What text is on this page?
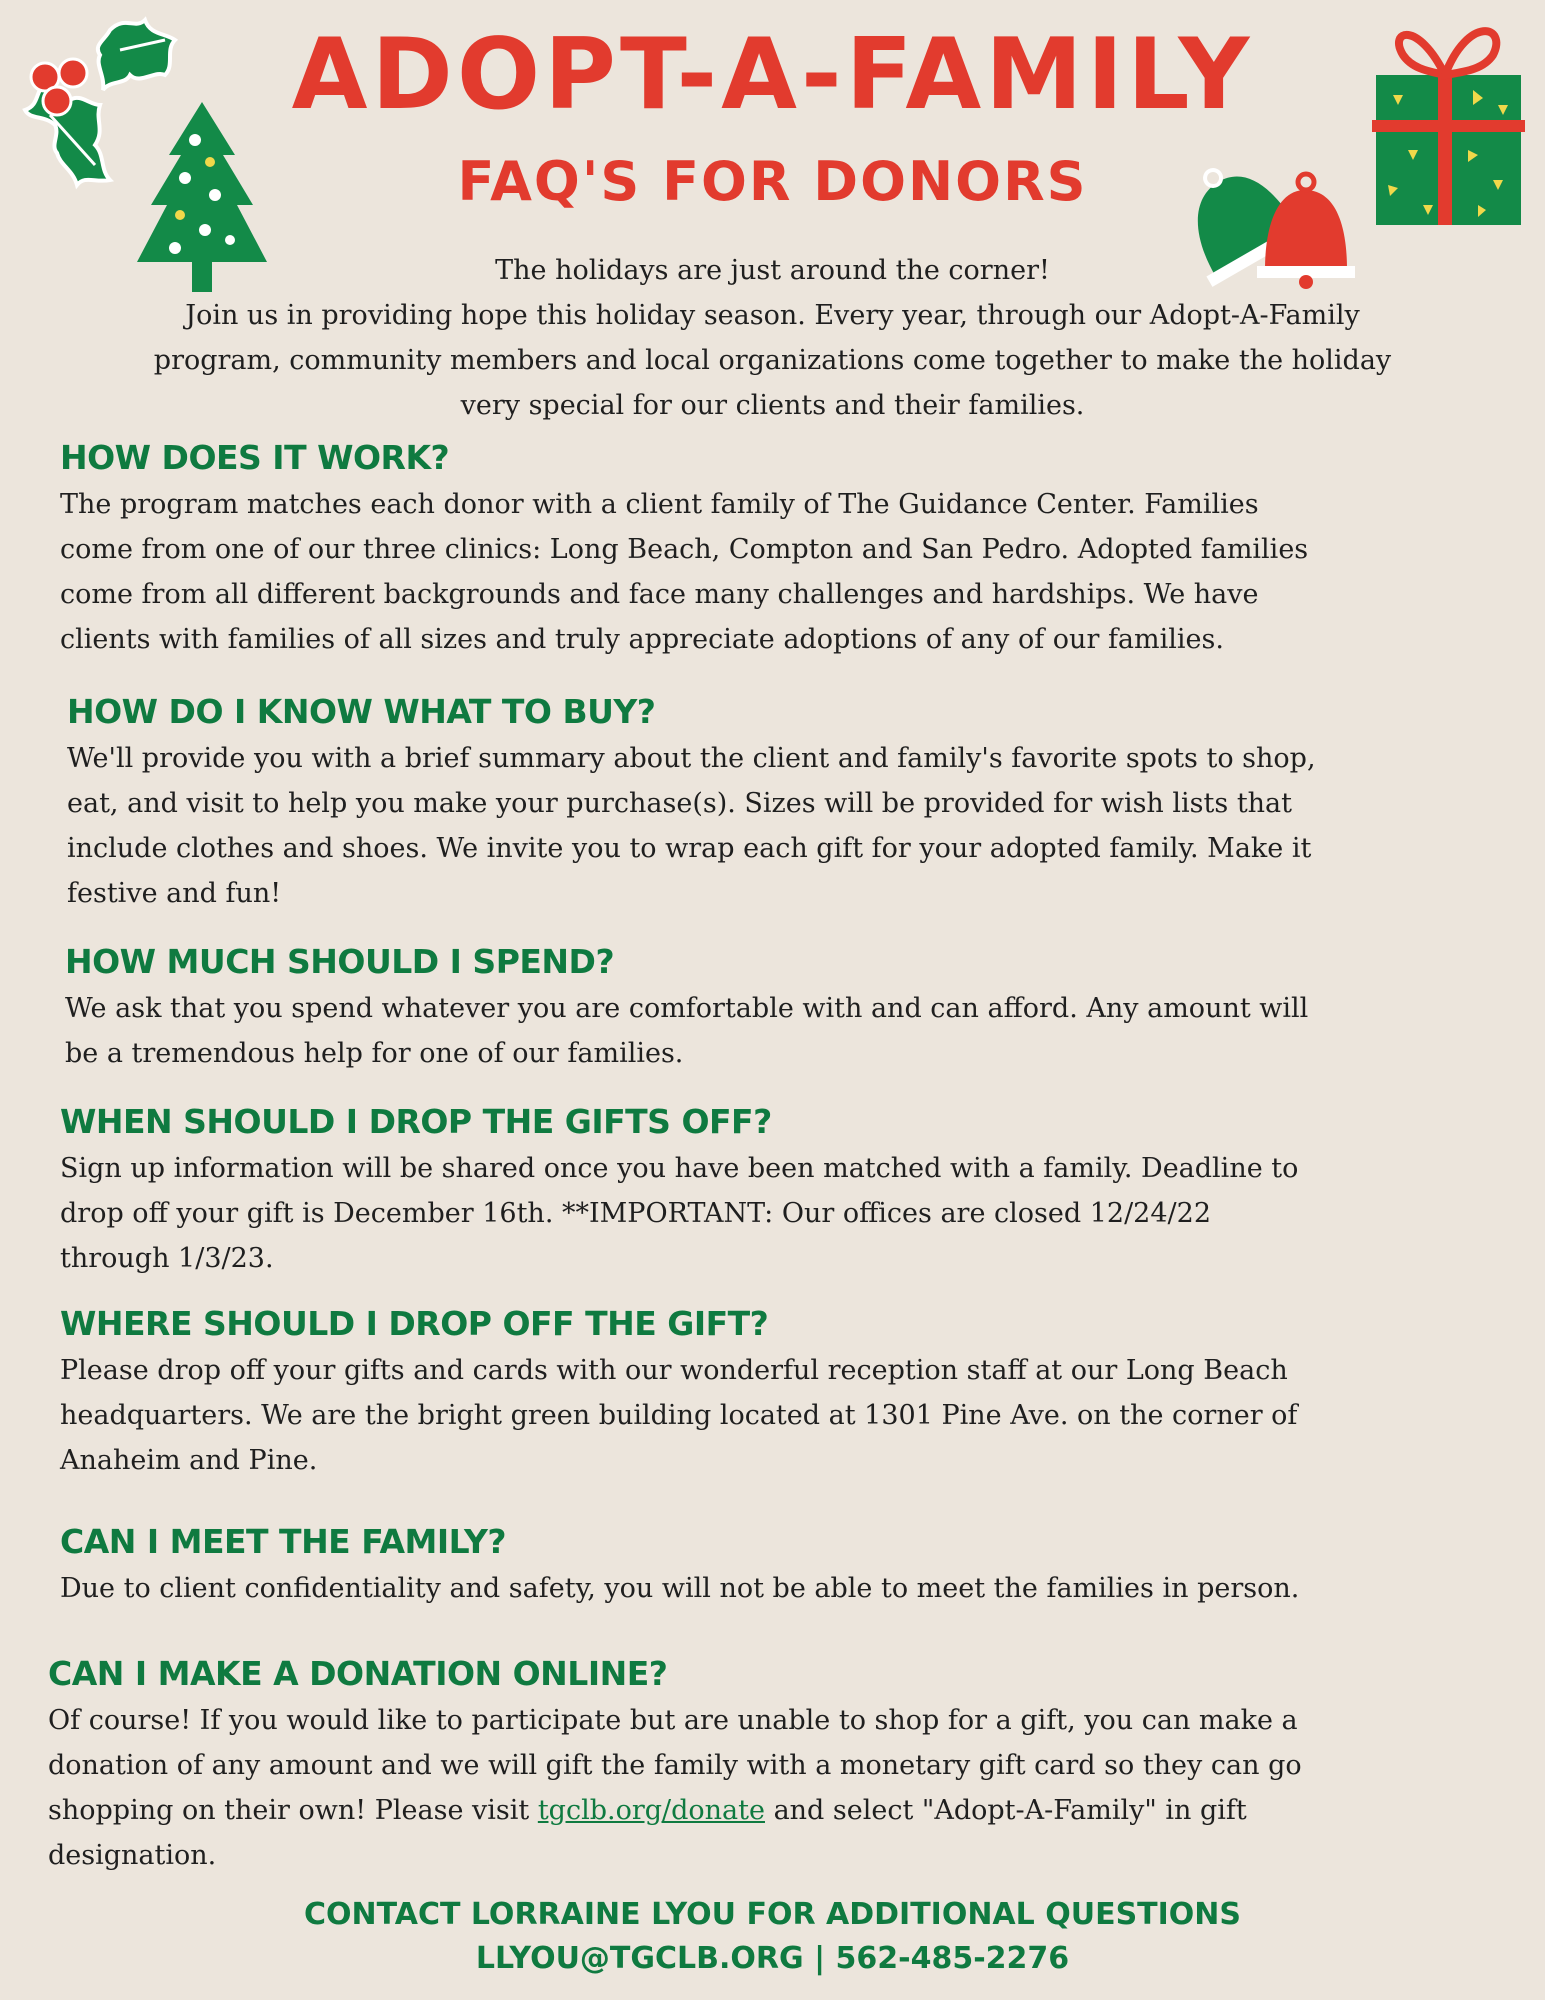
ADOPT-A-FAMILY
FAQ'S FOR DONORS
The holidays are just around the corner!
Join us in providing hope this holiday season. Every year, through our Adopt-A-Family
program, community members and local organizations come together to make the holiday
very special for our clients and their families.
HOW DOES IT WORK?

The program matches each donor with a client family of The Guidance Center. Families
come from one of our three clinics: Long Beach, Compton and San Pedro. Adopted families
come from all different backgrounds and face many challenges and hardships. We have
clients with families of all sizes and truly appreciate adoptions of any of our families.

HOW DO I KNOW WHAT TO BUY?

We'll provide you with a brief summary about the client and family's favorite spots to shop,
eat, and visit to help you make your purchase(s). Sizes will be provided for wish lists that
include clothes and shoes. We invite you to wrap each gift for your adopted family. Make it
festive and fun!

HOW MUCH SHOULD I SPEND?

We ask that you spend whatever you are comfortable with and can afford. Any amount will
be a tremendous help for one of our families.

WHEN SHOULD I DROP THE GIFTS OFF?

Sign up information will be shared once you have been matched with a family. Deadline to
drop off your gift is December 16th. **IMPORTANT: Our offices are closed 12/24/22
through 1/3/23.

WHERE SHOULD I DROP OFF THE GIFT?

Please drop off your gifts and cards with our wonderful reception staff at our Long Beach
headquarters. We are the bright green building located at 1301 Pine Ave. on the corner of
Anaheim and Pine.

CAN I MEET THE FAMILY?

Due to client confidentiality and safety, you will not be able to meet the families in person.

CAN I MAKE A DONATION ONLINE?

Of course! If you would like to participate but are unable to shop for a gift, you can make a
donation of any amount and we will gift the family with a monetary gift card so they can go
shopping on their own! Please visit tgclb.org/donate and select "Adopt-A-Family" in gift
designation.

CONTACT LORRAINE LYOU FOR ADDITIONAL QUESTIONS
LLYOU@TGCLB.ORG | 562-485-2276
